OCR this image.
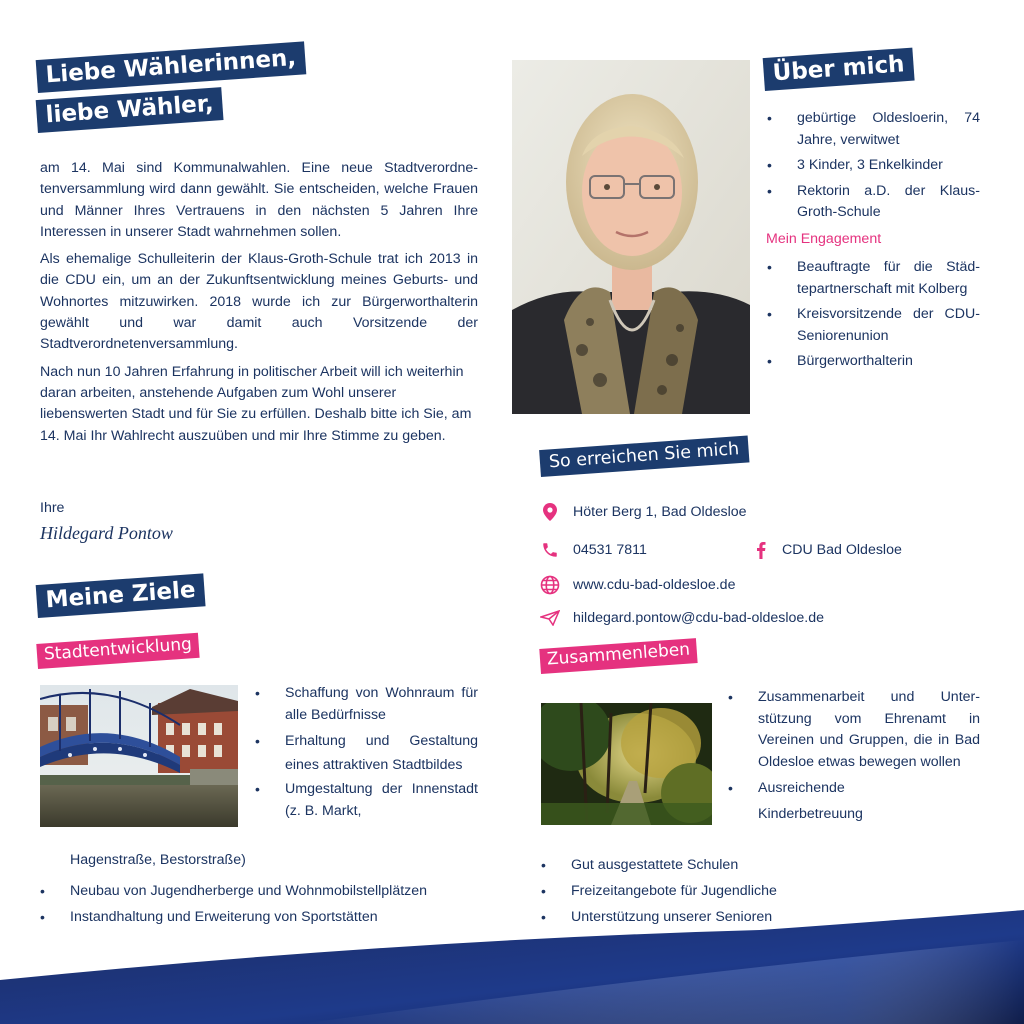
Liebe Wählerinnen,
liebe Wähler,

am 14. Mai sind Kommunalwahlen. Eine neue Stadtverordnetenversammlung wird dann gewählt. Sie entscheiden, welche Frauen und Männer Ihres Vertrauens in den nächsten 5 Jahren Ihre Interessen in unserer Stadt wahrnehmen sollen.

Als ehemalige Schulleiterin der Klaus-Groth-Schule trat ich 2013 in die CDU ein, um an der Zukunftsentwicklung meines Geburts- und Wohnortes mitzuwirken. 2018 wurde ich zur Bürgerworthalterin gewählt und war damit auch Vorsitzende der Stadtverordnetenversammlung.

Nach nun 10 Jahren Erfahrung in politischer Arbeit will ich weiterhin daran arbeiten, anstehende Aufgaben zum Wohl unserer liebenswerten Stadt und für Sie zu erfüllen. Deshalb bitte ich Sie, am 14. Mai Ihr Wahlrecht auszuüben und mir Ihre Stimme zu geben.

Ihre
Hildegard Pontow
Meine Ziele
Stadtentwicklung
• Schaffung von Wohnraum für alle Bedürfnisse
• Erhaltung und Gestaltung eines attraktiven Stadtbildes
• Umgestaltung der Innenstadt (z. B. Markt,
Hagenstraße, Bestorstraße)
• Neubau von Jugendherberge und Wohnmobilstellplätzen
• Instandhaltung und Erweiterung von Sportstätten
Über mich
• gebürtige Oldesloerin, 74 Jahre, verwitwet
• 3 Kinder, 3 Enkelkinder
• Rektorin a.D. der Klaus-Groth-Schule
Mein Engagement
• Beauftragte für die Städtepartnerschaft mit Kolberg
• Kreisvorsitzende der CDU-Seniorenunion
• Bürgerworthalterin
So erreichen Sie mich
Höter Berg 1, Bad Oldesloe
04531 7811	CDU Bad Oldesloe
www.cdu-bad-oldesloe.de
hildegard.pontow@cdu-bad-oldesloe.de
Zusammenleben
• Zusammenarbeit und Unterstützung vom Ehrenamt in Vereinen und Gruppen, die in Bad Oldesloe etwas bewegen wollen
• Ausreichende Kinderbetreuung
• Gut ausgestattete Schulen
• Freizeitangebote für Jugendliche
• Unterstützung unserer Senioren
